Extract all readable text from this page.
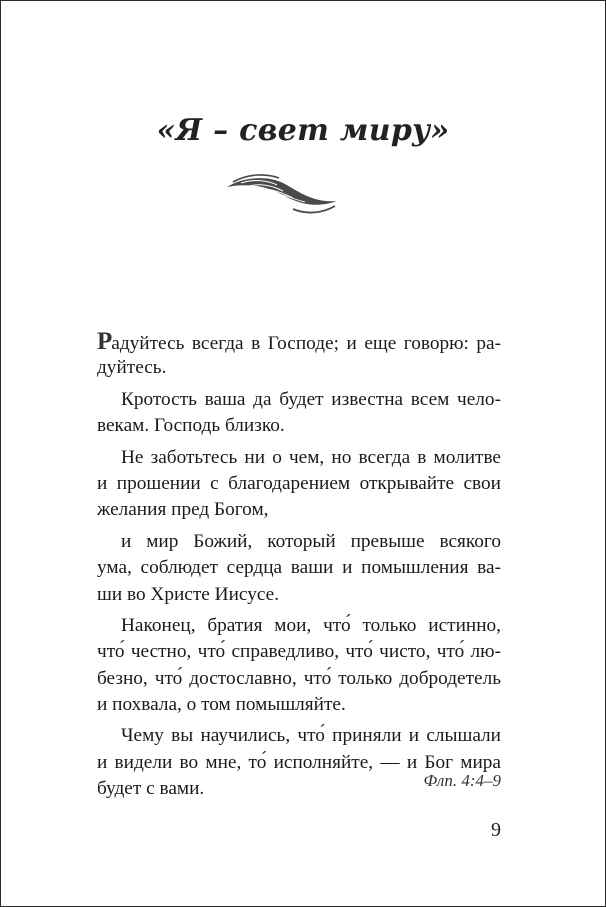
«Я – свет миру»
Радуйтесь всегда в Господе; и еще говорю: ра-
дуйтесь.
Кротость ваша да будет известна всем чело-
векам. Господь близко.
Не заботьтесь ни о чем, но всегда в молитве
и прошении с благодарением открывайте свои
желания пред Богом,
и мир Божий, который превыше всякого
ума, соблюдет сердца ваши и помышления ва-
ши во Христе Иисусе.
Наконец, братия мои, что́ только истинно,
что́ честно, что́ справедливо, что́ чисто, что́ лю-
безно, что́ достославно, что́ только добродетель
и похвала, о том помышляйте.
Чему вы научились, что́ приняли и слышали
и видели во мне, то́ исполняйте, — и Бог мира
будет с вами.	Флп. 4:4–9
9
